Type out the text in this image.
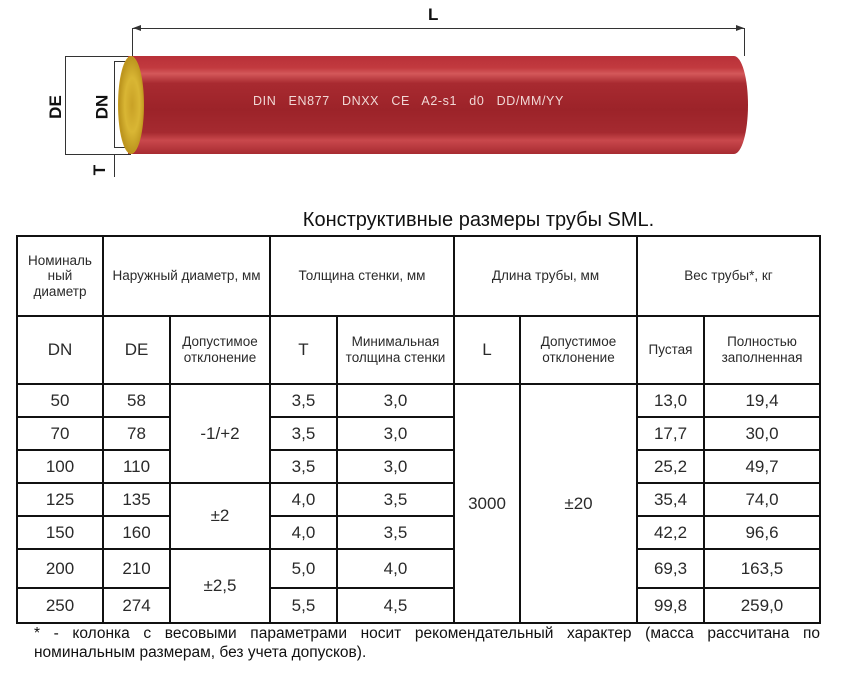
L
DE DN
T
DIN   EN877   DNXX   CE   A2-s1   d0   DD/MM/YY
Конструктивные размеры трубы SML.
Номиналь ный диаметр	Наружный диаметр, мм		Толщина стенки, мм		Длина трубы, мм		Вес трубы*, кг	
DN	DE	Допустимое отклонение	T	Минимальная толщина стенки	L	Допустимое отклонение	Пустая	Полностью заполненная
50	58	-1/+2	3,5	3,0	3000	±20	13,0	19,4
70	78		3,5	3,0			17,7	30,0
100	110		3,5	3,0			25,2	49,7
125	135	±2	4,0	3,5			35,4	74,0
150	160		4,0	3,5			42,2	96,6
200	210	±2,5	5,0	4,0			69,3	163,5
250	274		5,5	4,5			99,8	259,0
* - колонка с весовыми параметрами носит рекомендательный характер (масса рассчитана по номинальным размерам, без учета допусков).
